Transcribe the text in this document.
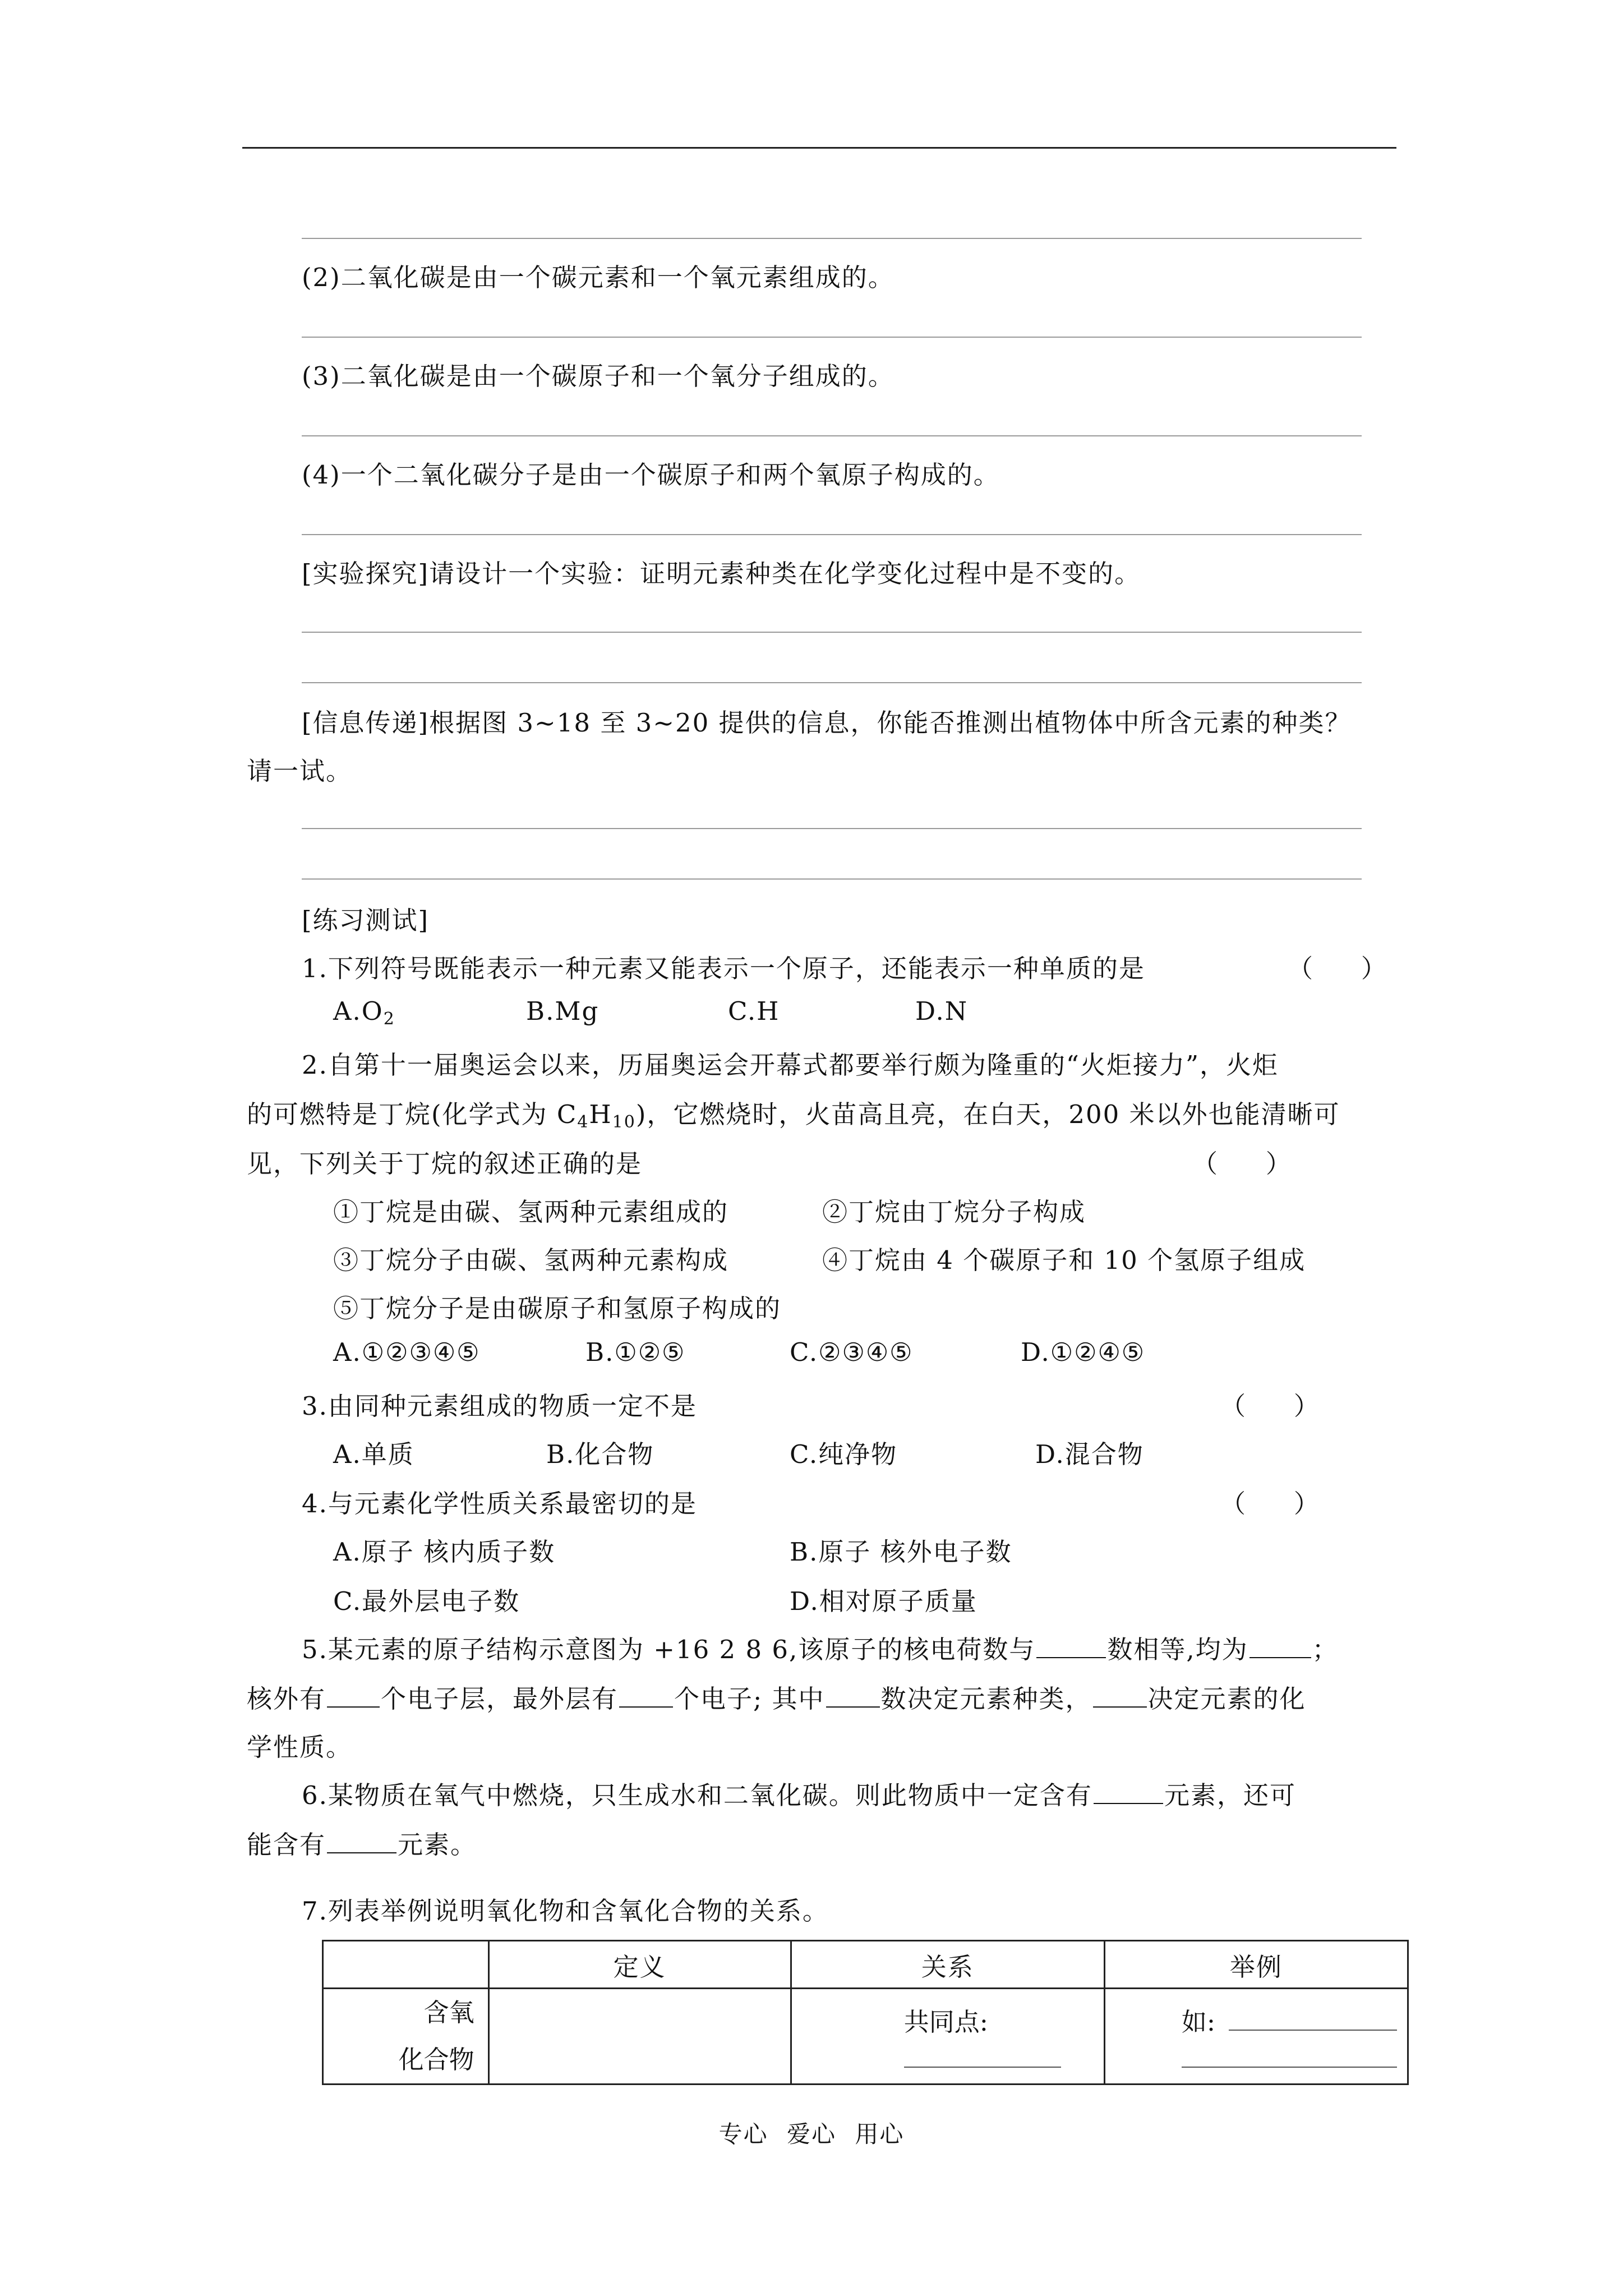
(2)二氧化碳是由一个碳元素和一个氧元素组成的。
(3)二氧化碳是由一个碳原子和一个氧分子组成的。
(4)一个二氧化碳分子是由一个碳原子和两个氧原子构成的。
[实验探究]请设计一个实验：证明元素种类在化学变化过程中是不变的。
[信息传递]根据图 3~18 至 3~20 提供的信息，你能否推测出植物体中所含元素的种类？
请一试。
[练习测试]
1.下列符号既能表示一种元素又能表示一个原子，还能表示一种单质的是	（      ）
$A.O_2$	B.Mg	C.H	D.N
2.自第十一届奥运会以来，历届奥运会开幕式都要举行颇为隆重的“火炬接力”，火炬
的可燃特是丁烷(化学式为 $C_4H_{10}$)，它燃烧时，火苗高且亮，在白天，200 米以外也能清晰可
见，下列关于丁烷的叙述正确的是	（      ）
①丁烷是由碳、氢两种元素组成的	②丁烷由丁烷分子构成
③丁烷分子由碳、氢两种元素构成	④丁烷由 4 个碳原子和 10 个氢原子组成
⑤丁烷分子是由碳原子和氢原子构成的
A.①②③④⑤	B.①②⑤	C.②③④⑤	D.①②④⑤
3.由同种元素组成的物质一定不是	（      ）
A.单质	B.化合物	C.纯净物	D.混合物
4.与元素化学性质关系最密切的是	（      ）
A.原子 核内质子数	B.原子 核外电子数
C.最外层电子数	D.相对原子质量
5.某元素的原子结构示意图为 +16 2 8 6,该原子的核电荷数与	数相等,均为	；
核外有 个电子层，最外层有 个电子; 其中 数决定元素种类， 决定元素的化
学性质。
6.某物质在氧气中燃烧，只生成水和二氧化碳。则此物质中一定含有	元素，还可
能含有	元素。
7.列表举例说明氧化物和含氧化合物的关系。
	定义	关系	举例

含氧
化合物		共同点:	如:
专心 爱心 用心
